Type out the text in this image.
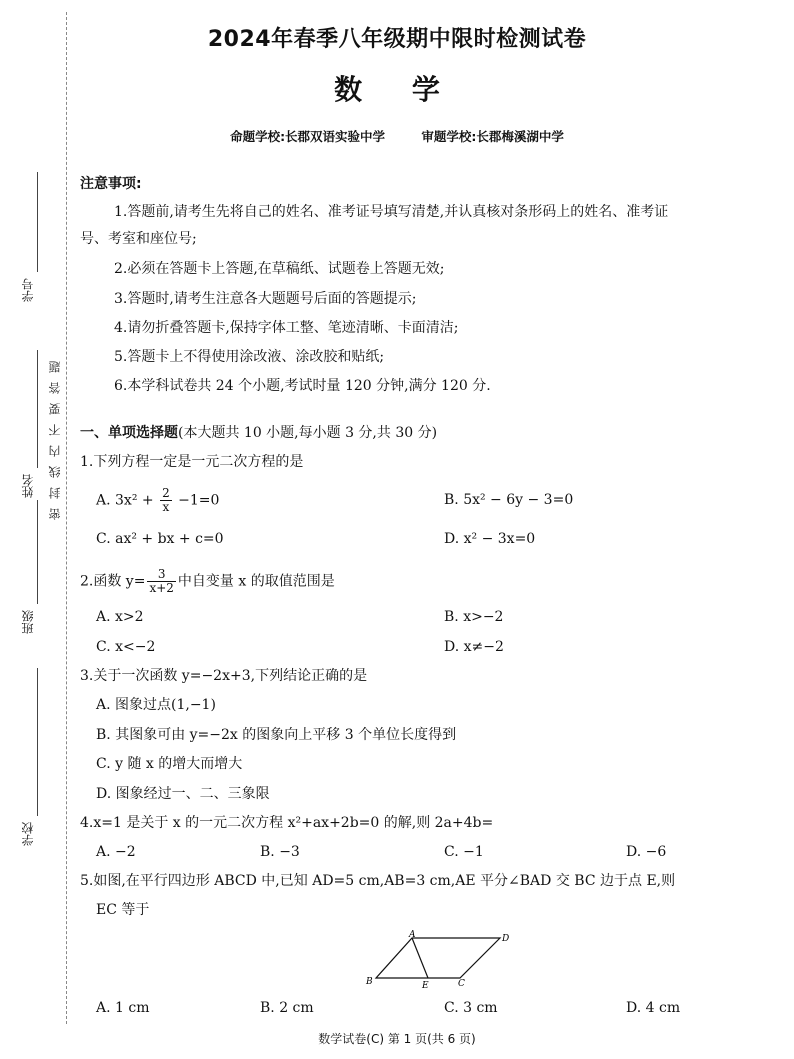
学号
姓名
班级
学校
密封线内不要答题
2024年春季八年级期中限时检测试卷
数 学
命题学校:长郡双语实验中学	审题学校:长郡梅溪湖中学
注意事项:
1.答题前,请考生先将自己的姓名、准考证号填写清楚,并认真核对条形码上的姓名、准考证
号、考室和座位号;
2.必须在答题卡上答题,在草稿纸、试题卷上答题无效;
3.答题时,请考生注意各大题题号后面的答题提示;
4.请勿折叠答题卡,保持字体工整、笔迹清晰、卡面清洁;
5.答题卡上不得使用涂改液、涂改胶和贴纸;
6.本学科试卷共 24 个小题,考试时量 120 分钟,满分 120 分.
一、单项选择题(本大题共 10 小题,每小题 3 分,共 30 分)
1.下列方程一定是一元二次方程的是
A. $3x^2 + \frac{2}{x} -1=0$	B. 5x² − 6y − 3=0
C. ax² + bx + c=0	D. x² − 3x=0
2.函数 $y= \frac{3}{x+2}$ 中自变量 x 的取值范围是
A. x>2	B. x>−2
C. x<−2	D. x≠−2
3.关于一次函数 y=−2x+3,下列结论正确的是
A. 图象过点(1,−1)
B. 其图象可由 y=−2x 的图象向上平移 3 个单位长度得到
C. y 随 x 的增大而增大
D. 图象经过一、二、三象限
4.x=1 是关于 x 的一元二次方程 x²+ax+2b=0 的解,则 2a+4b=
A. −2	B. −3	C. −1	D. −6
5.如图,在平行四边形 ABCD 中,已知 AD=5 cm,AB=3 cm,AE 平分∠BAD 交 BC 边于点 E,则
EC 等于
A	D
B	E	C
A. 1 cm	B. 2 cm	C. 3 cm	D. 4 cm
数学试卷(C) 第 1 页(共 6 页)
